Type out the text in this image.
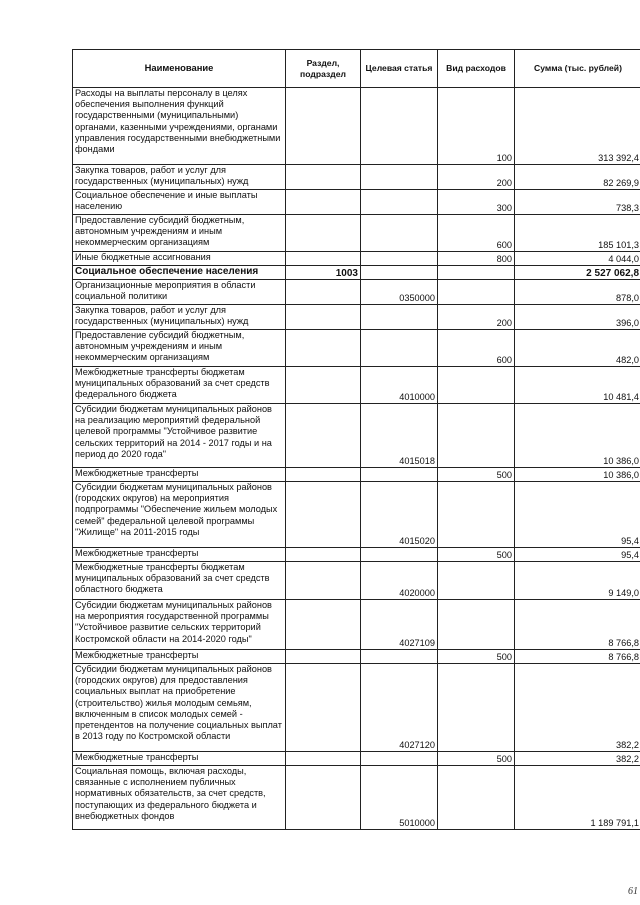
Наименование	Раздел, подраздел	Целевая статья	Вид расходов	Сумма (тыс. рублей)
Расходы на выплаты персоналу в целях обеспечения выполнения функций государственными (муниципальными) органами, казенными учреждениями, органами управления государственными внебюджетными фондами			100	313 392,4
Закупка товаров, работ и услуг для государственных (муниципальных) нужд			200	82 269,9
Социальное обеспечение и иные выплаты населению			300	738,3
Предоставление субсидий бюджетным, автономным учреждениям и иным некоммерческим организациям			600	185 101,3
Иные бюджетные ассигнования			800	4 044,0
Социальное обеспечение населения	1003			2 527 062,8
Организационные мероприятия в области социальной политики		0350000		878,0
Закупка товаров, работ и услуг для государственных (муниципальных) нужд			200	396,0
Предоставление субсидий бюджетным, автономным учреждениям и иным некоммерческим организациям			600	482,0
Межбюджетные трансферты бюджетам муниципальных образований за счет средств федерального бюджета		4010000		10 481,4
Субсидии бюджетам муниципальных районов на реализацию мероприятий федеральной целевой программы "Устойчивое развитие сельских территорий на 2014 - 2017 годы и на период до 2020 года"		4015018		10 386,0
Межбюджетные трансферты			500	10 386,0
Субсидии бюджетам муниципальных районов (городских округов) на мероприятия подпрограммы "Обеспечение жильем молодых семей" федеральной целевой программы "Жилище" на 2011-2015 годы		4015020		95,4
Межбюджетные трансферты			500	95,4
Межбюджетные трансферты бюджетам муниципальных образований за счет средств областного бюджета		4020000		9 149,0
Субсидии бюджетам муниципальных районов на мероприятия государственной программы "Устойчивое развитие сельских территорий Костромской области на 2014-2020 годы"		4027109		8 766,8
Межбюджетные трансферты			500	8 766,8
Субсидии бюджетам муниципальных районов (городских округов) для предоставления социальных выплат на приобретение (строительство) жилья молодым семьям, включенным в список молодых семей - претендентов на получение социальных выплат в 2013 году по Костромской области		4027120		382,2
Межбюджетные трансферты			500	382,2
Социальная помощь, включая расходы, связанные с исполнением публичных нормативных обязательств, за счет средств, поступающих из федерального бюджета и внебюджетных фондов		5010000		1 189 791,1
61
